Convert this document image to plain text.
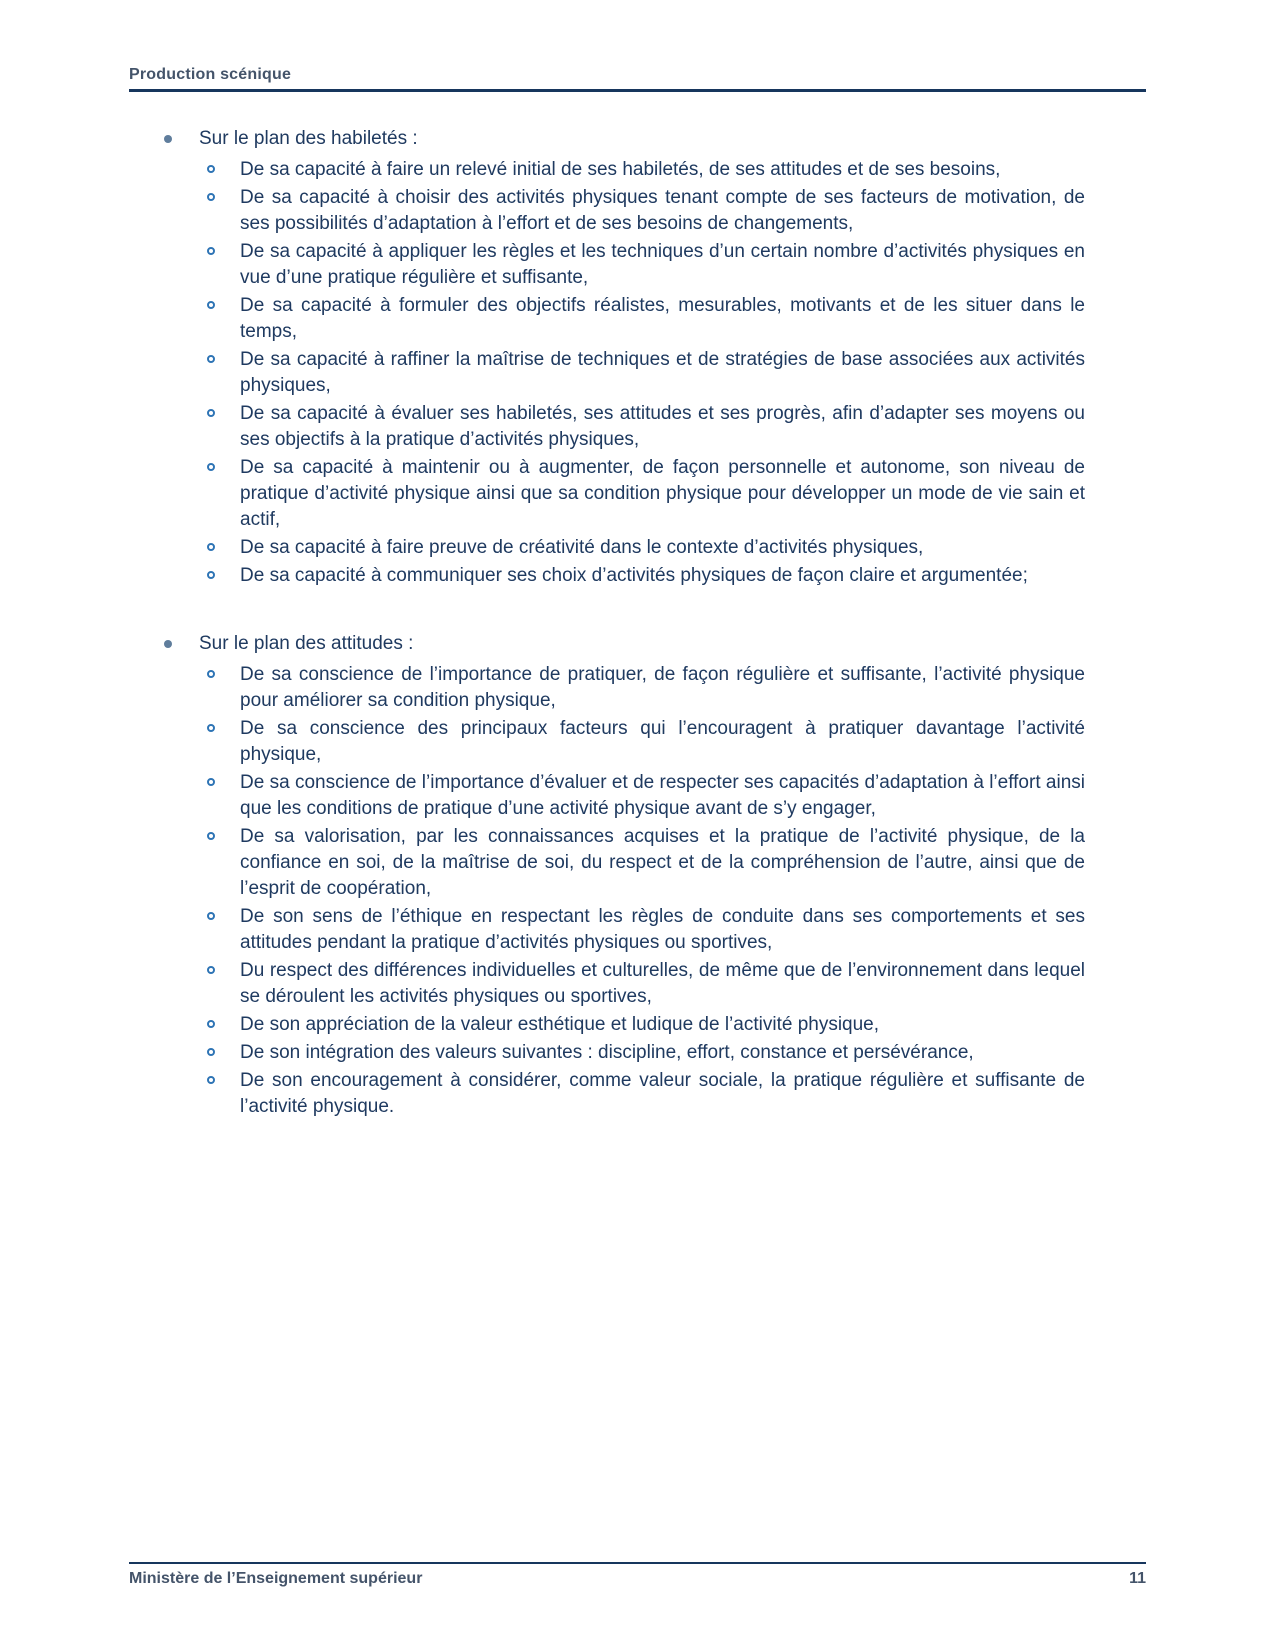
Production scénique
Sur le plan des habiletés :
De sa capacité à faire un relevé initial de ses habiletés, de ses attitudes et de ses besoins,
De sa capacité à choisir des activités physiques tenant compte de ses facteurs de motivation, de ses possibilités d’adaptation à l’effort et de ses besoins de changements,
De sa capacité à appliquer les règles et les techniques d’un certain nombre d’activités physiques en vue d’une pratique régulière et suffisante,
De sa capacité à formuler des objectifs réalistes, mesurables, motivants et de les situer dans le temps,
De sa capacité à raffiner la maîtrise de techniques et de stratégies de base associées aux activités physiques,
De sa capacité à évaluer ses habiletés, ses attitudes et ses progrès, afin d’adapter ses moyens ou ses objectifs à la pratique d’activités physiques,
De sa capacité à maintenir ou à augmenter, de façon personnelle et autonome, son niveau de pratique d’activité physique ainsi que sa condition physique pour développer un mode de vie sain et actif,
De sa capacité à faire preuve de créativité dans le contexte d’activités physiques,
De sa capacité à communiquer ses choix d’activités physiques de façon claire et argumentée;
Sur le plan des attitudes :
De sa conscience de l’importance de pratiquer, de façon régulière et suffisante, l’activité physique pour améliorer sa condition physique,
De sa conscience des principaux facteurs qui l’encouragent à pratiquer davantage l’activité physique,
De sa conscience de l’importance d’évaluer et de respecter ses capacités d’adaptation à l’effort ainsi que les conditions de pratique d’une activité physique avant de s’y engager,
De sa valorisation, par les connaissances acquises et la pratique de l’activité physique, de la confiance en soi, de la maîtrise de soi, du respect et de la compréhension de l’autre, ainsi que de l’esprit de coopération,
De son sens de l’éthique en respectant les règles de conduite dans ses comportements et ses attitudes pendant la pratique d’activités physiques ou sportives,
Du respect des différences individuelles et culturelles, de même que de l’environnement dans lequel se déroulent les activités physiques ou sportives,
De son appréciation de la valeur esthétique et ludique de l’activité physique,
De son intégration des valeurs suivantes : discipline, effort, constance et persévérance,
De son encouragement à considérer, comme valeur sociale, la pratique régulière et suffisante de l’activité physique.
Ministère de l’Enseignement supérieur	11
